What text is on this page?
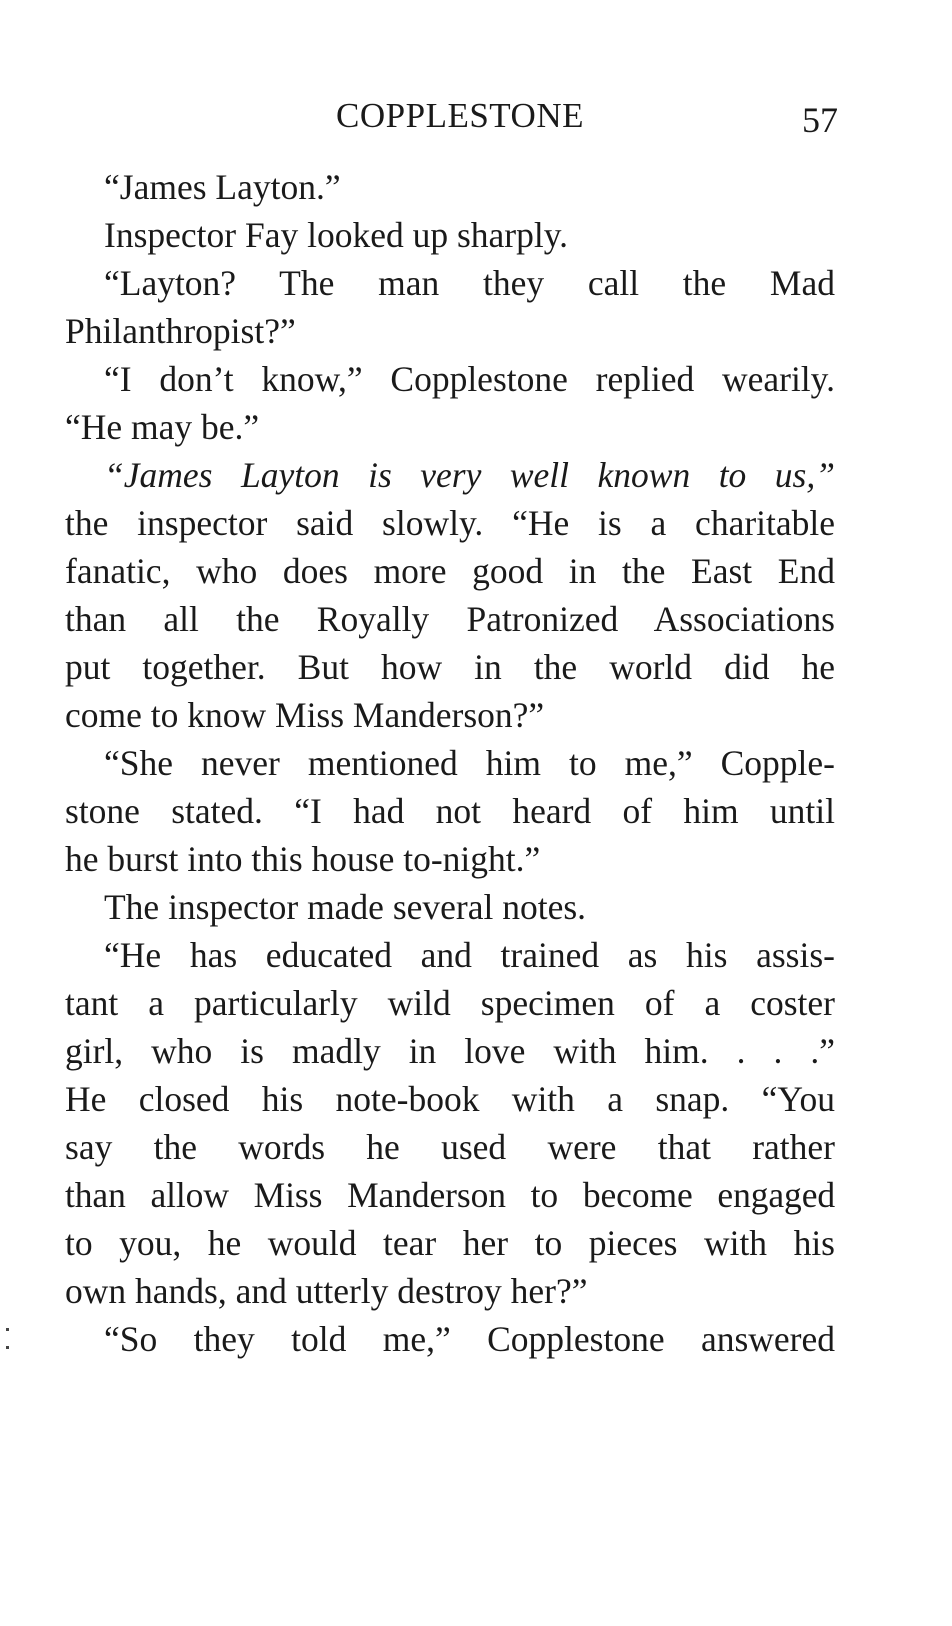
COPPLESTONE	57
“James Layton.”
Inspector Fay looked up sharply.
“Layton? The man they call the Mad
Philanthropist?”
“I don’t know,” Copplestone replied wearily.
“He may be.”
“James Layton is very well known to us,”
the inspector said slowly. “He is a charitable
fanatic, who does more good in the East End
than all the Royally Patronized Associations
put together. But how in the world did he
come to know Miss Manderson?”
“She never mentioned him to me,” Copple-
stone stated. “I had not heard of him until
he burst into this house to-night.”
The inspector made several notes.
“He has educated and trained as his assis-
tant a particularly wild specimen of a coster
girl, who is madly in love with him. . . .”
He closed his note-book with a snap. “You
say the words he used were that rather
than allow Miss Manderson to become engaged
to you, he would tear her to pieces with his
own hands, and utterly destroy her?”
“So they told me,” Copplestone answered
